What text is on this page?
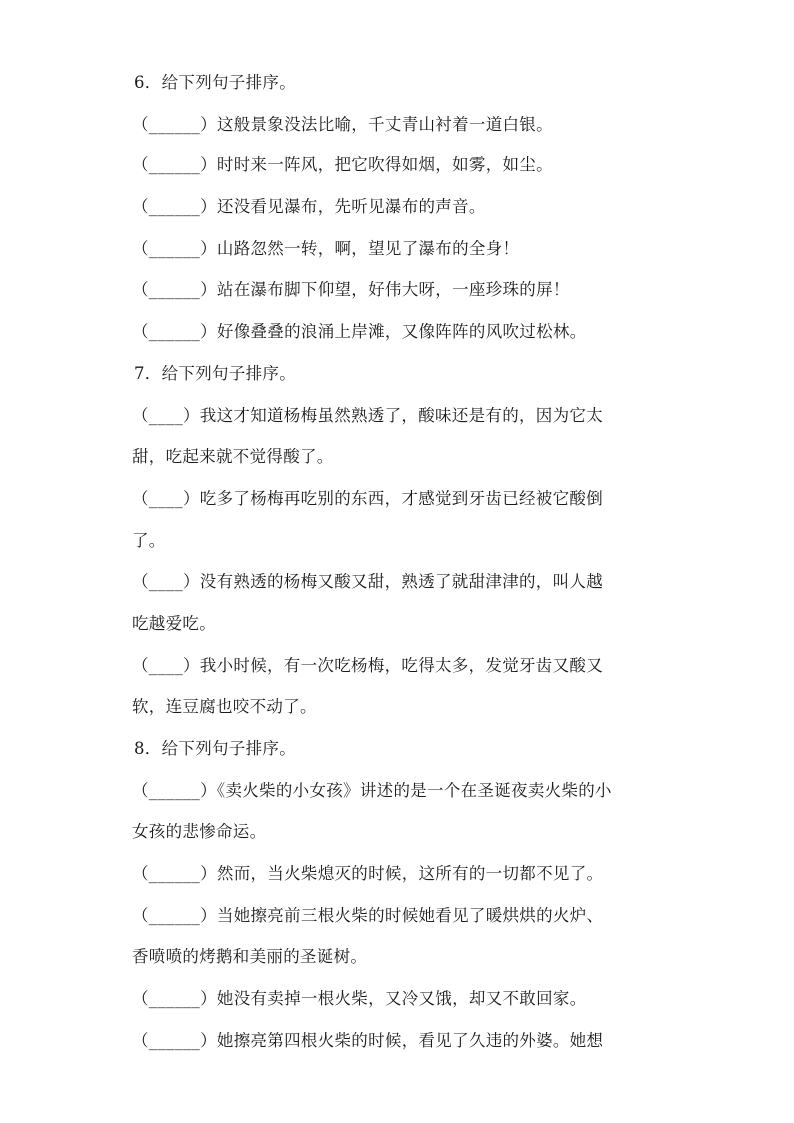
6．给下列句子排序。
（______）这般景象没法比喻，千丈青山衬着一道白银。
（______）时时来一阵风，把它吹得如烟，如雾，如尘。
（______）还没看见瀑布，先听见瀑布的声音。
（______）山路忽然一转，啊，望见了瀑布的全身！
（______）站在瀑布脚下仰望，好伟大呀，一座珍珠的屏！
（______）好像叠叠的浪涌上岸滩，又像阵阵的风吹过松林。
7．给下列句子排序。
（____）我这才知道杨梅虽然熟透了，酸味还是有的，因为它太
甜，吃起来就不觉得酸了。
（____）吃多了杨梅再吃别的东西，才感觉到牙齿已经被它酸倒
了。
（____）没有熟透的杨梅又酸又甜，熟透了就甜津津的，叫人越
吃越爱吃。
（____）我小时候，有一次吃杨梅，吃得太多，发觉牙齿又酸又
软，连豆腐也咬不动了。
8．给下列句子排序。
（______）《卖火柴的小女孩》讲述的是一个在圣诞夜卖火柴的小
女孩的悲惨命运。
（______）然而，当火柴熄灭的时候，这所有的一切都不见了。
（______）当她擦亮前三根火柴的时候她看见了暖烘烘的火炉、
香喷喷的烤鹅和美丽的圣诞树。
（______）她没有卖掉一根火柴，又冷又饿，却又不敢回家。
（______）她擦亮第四根火柴的时候，看见了久违的外婆。她想
